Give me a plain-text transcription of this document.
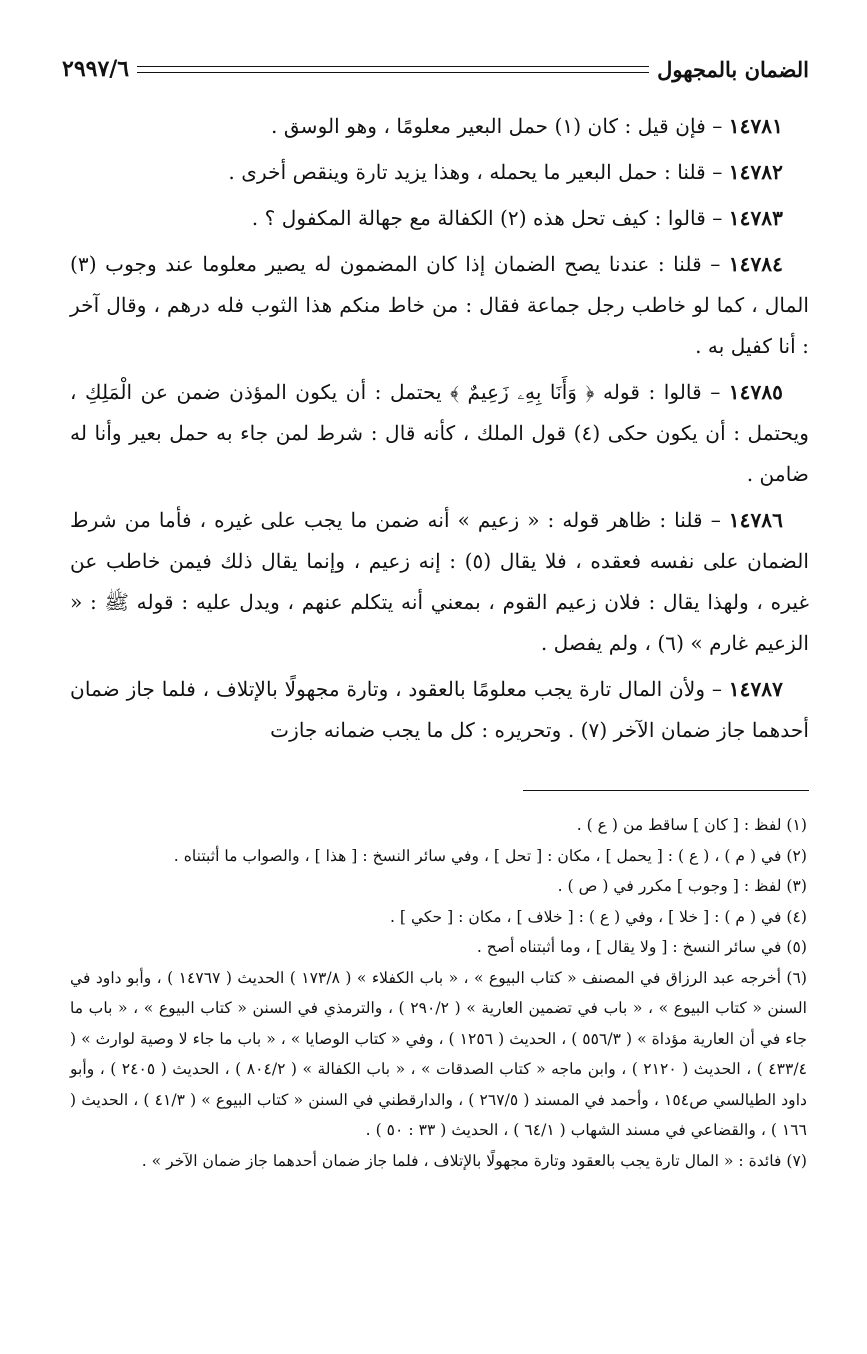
الضمان بالمجهول
٢٩٩٧/٦

١٤٧٨١ – فإن قيل : كان (١) حمل البعير معلومًا ، وهو الوسق .

١٤٧٨٢ – قلنا : حمل البعير ما يحمله ، وهذا يزيد تارة وينقص أخرى .

١٤٧٨٣ – قالوا : كيف تحل هذه (٢) الكفالة مع جهالة المكفول ؟ .

١٤٧٨٤ – قلنا : عندنا يصح الضمان إذا كان المضمون له يصير معلوما عند وجوب (٣) المال ، كما لو خاطب رجل جماعة فقال : من خاط منكم هذا الثوب فله درهم ، وقال آخر : أنا كفيل به .

١٤٧٨٥ – قالوا : قوله ﴿ وَأَنَا بِهِۦ زَعِيمٌ ﴾ يحتمل : أن يكون المؤذن ضمن عن الْمَلِكِ ، ويحتمل : أن يكون حكى (٤) قول الملك ، كأنه قال : شرط لمن جاء به حمل بعير وأنا له ضامن .

١٤٧٨٦ – قلنا : ظاهر قوله : « زعيم » أنه ضمن ما يجب على غيره ، فأما من شرط الضمان على نفسه فعقده ، فلا يقال (٥) : إنه زعيم ، وإنما يقال ذلك فيمن خاطب عن غيره ، ولهذا يقال : فلان زعيم القوم ، بمعني أنه يتكلم عنهم ، ويدل عليه : قوله ﷺ : « الزعيم غارم » (٦) ، ولم يفصل .

١٤٧٨٧ – ولأن المال تارة يجب معلومًا بالعقود ، وتارة مجهولًا بالإتلاف ، فلما جاز ضمان أحدهما جاز ضمان الآخر (٧) . وتحريره : كل ما يجب ضمانه جازت

(١) لفظ : [ كان ] ساقط من ( ع ) .

(٢) في ( م ) ، ( ع ) : [ يحمل ] ، مكان : [ تحل ] ، وفي سائر النسخ : [ هذا ] ، والصواب ما أثبتناه .

(٣) لفظ : [ وجوب ] مكرر في ( ص ) .

(٤) في ( م ) : [ خلا ] ، وفي ( ع ) : [ خلاف ] ، مكان : [ حكي ] .

(٥) في سائر النسخ : [ ولا يقال ] ، وما أثبتناه أصح .

(٦) أخرجه عبد الرزاق في المصنف « كتاب البيوع » ، « باب الكفلاء » ( ١٧٣/٨ ) الحديث ( ١٤٧٦٧ ) ، وأبو داود في السنن « كتاب البيوع » ، « باب في تضمين العارية » ( ٢٩٠/٢ ) ، والترمذي في السنن « كتاب البيوع » ، « باب ما جاء في أن العارية مؤداة » ( ٥٥٦/٣ ) ، الحديث ( ١٢٥٦ ) ، وفي « كتاب الوصايا » ، « باب ما جاء لا وصية لوارث » ( ٤٣٣/٤ ) ، الحديث ( ٢١٢٠ ) ، وابن ماجه « كتاب الصدقات » ، « باب الكفالة » ( ٨٠٤/٢ ) ، الحديث ( ٢٤٠٥ ) ، وأبو داود الطيالسي ص١٥٤ ، وأحمد في المسند ( ٢٦٧/٥ ) ، والدارقطني في السنن « كتاب البيوع » ( ٤١/٣ ) ، الحديث ( ١٦٦ ) ، والقضاعي في مسند الشهاب ( ٦٤/١ ) ، الحديث ( ٣٣ : ٥٠ ) .

(٧) فائدة : « المال تارة يجب بالعقود وتارة مجهولًا بالإتلاف ، فلما جاز ضمان أحدهما جاز ضمان الآخر » .
